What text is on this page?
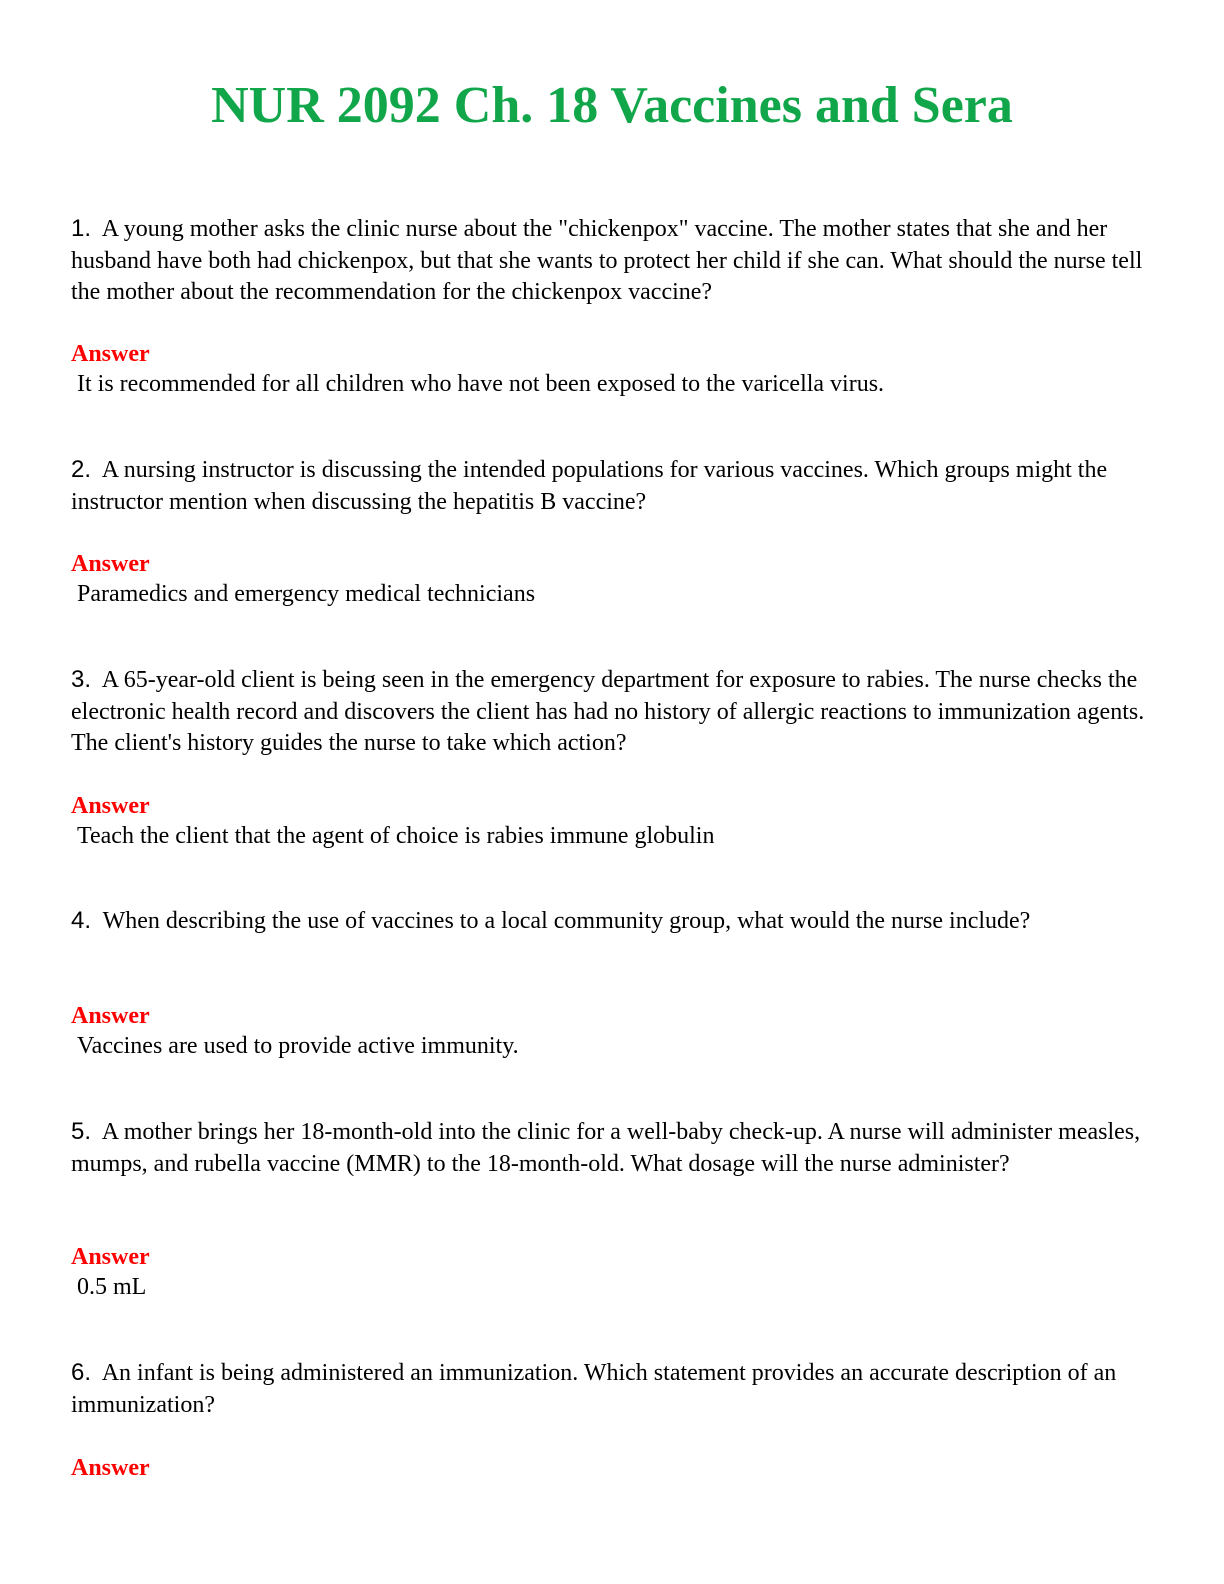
NUR 2092 Ch. 18 Vaccines and Sera

1. A young mother asks the clinic nurse about the "chickenpox" vaccine. The mother states that she and her husband have both had chickenpox, but that she wants to protect her child if she can. What should the nurse tell the mother about the recommendation for the chickenpox vaccine?

Answer

It is recommended for all children who have not been exposed to the varicella virus.

2. A nursing instructor is discussing the intended populations for various vaccines. Which groups might the instructor mention when discussing the hepatitis B vaccine?

Answer

Paramedics and emergency medical technicians

3. A 65-year-old client is being seen in the emergency department for exposure to rabies. The nurse checks the electronic health record and discovers the client has had no history of allergic reactions to immunization agents. The client's history guides the nurse to take which action?

Answer

Teach the client that the agent of choice is rabies immune globulin

4. When describing the use of vaccines to a local community group, what would the nurse include?

Answer

Vaccines are used to provide active immunity.

5. A mother brings her 18-month-old into the clinic for a well-baby check-up. A nurse will administer measles, mumps, and rubella vaccine (MMR) to the 18-month-old. What dosage will the nurse administer?

Answer

0.5 mL

6. An infant is being administered an immunization. Which statement provides an accurate description of an immunization?

Answer
